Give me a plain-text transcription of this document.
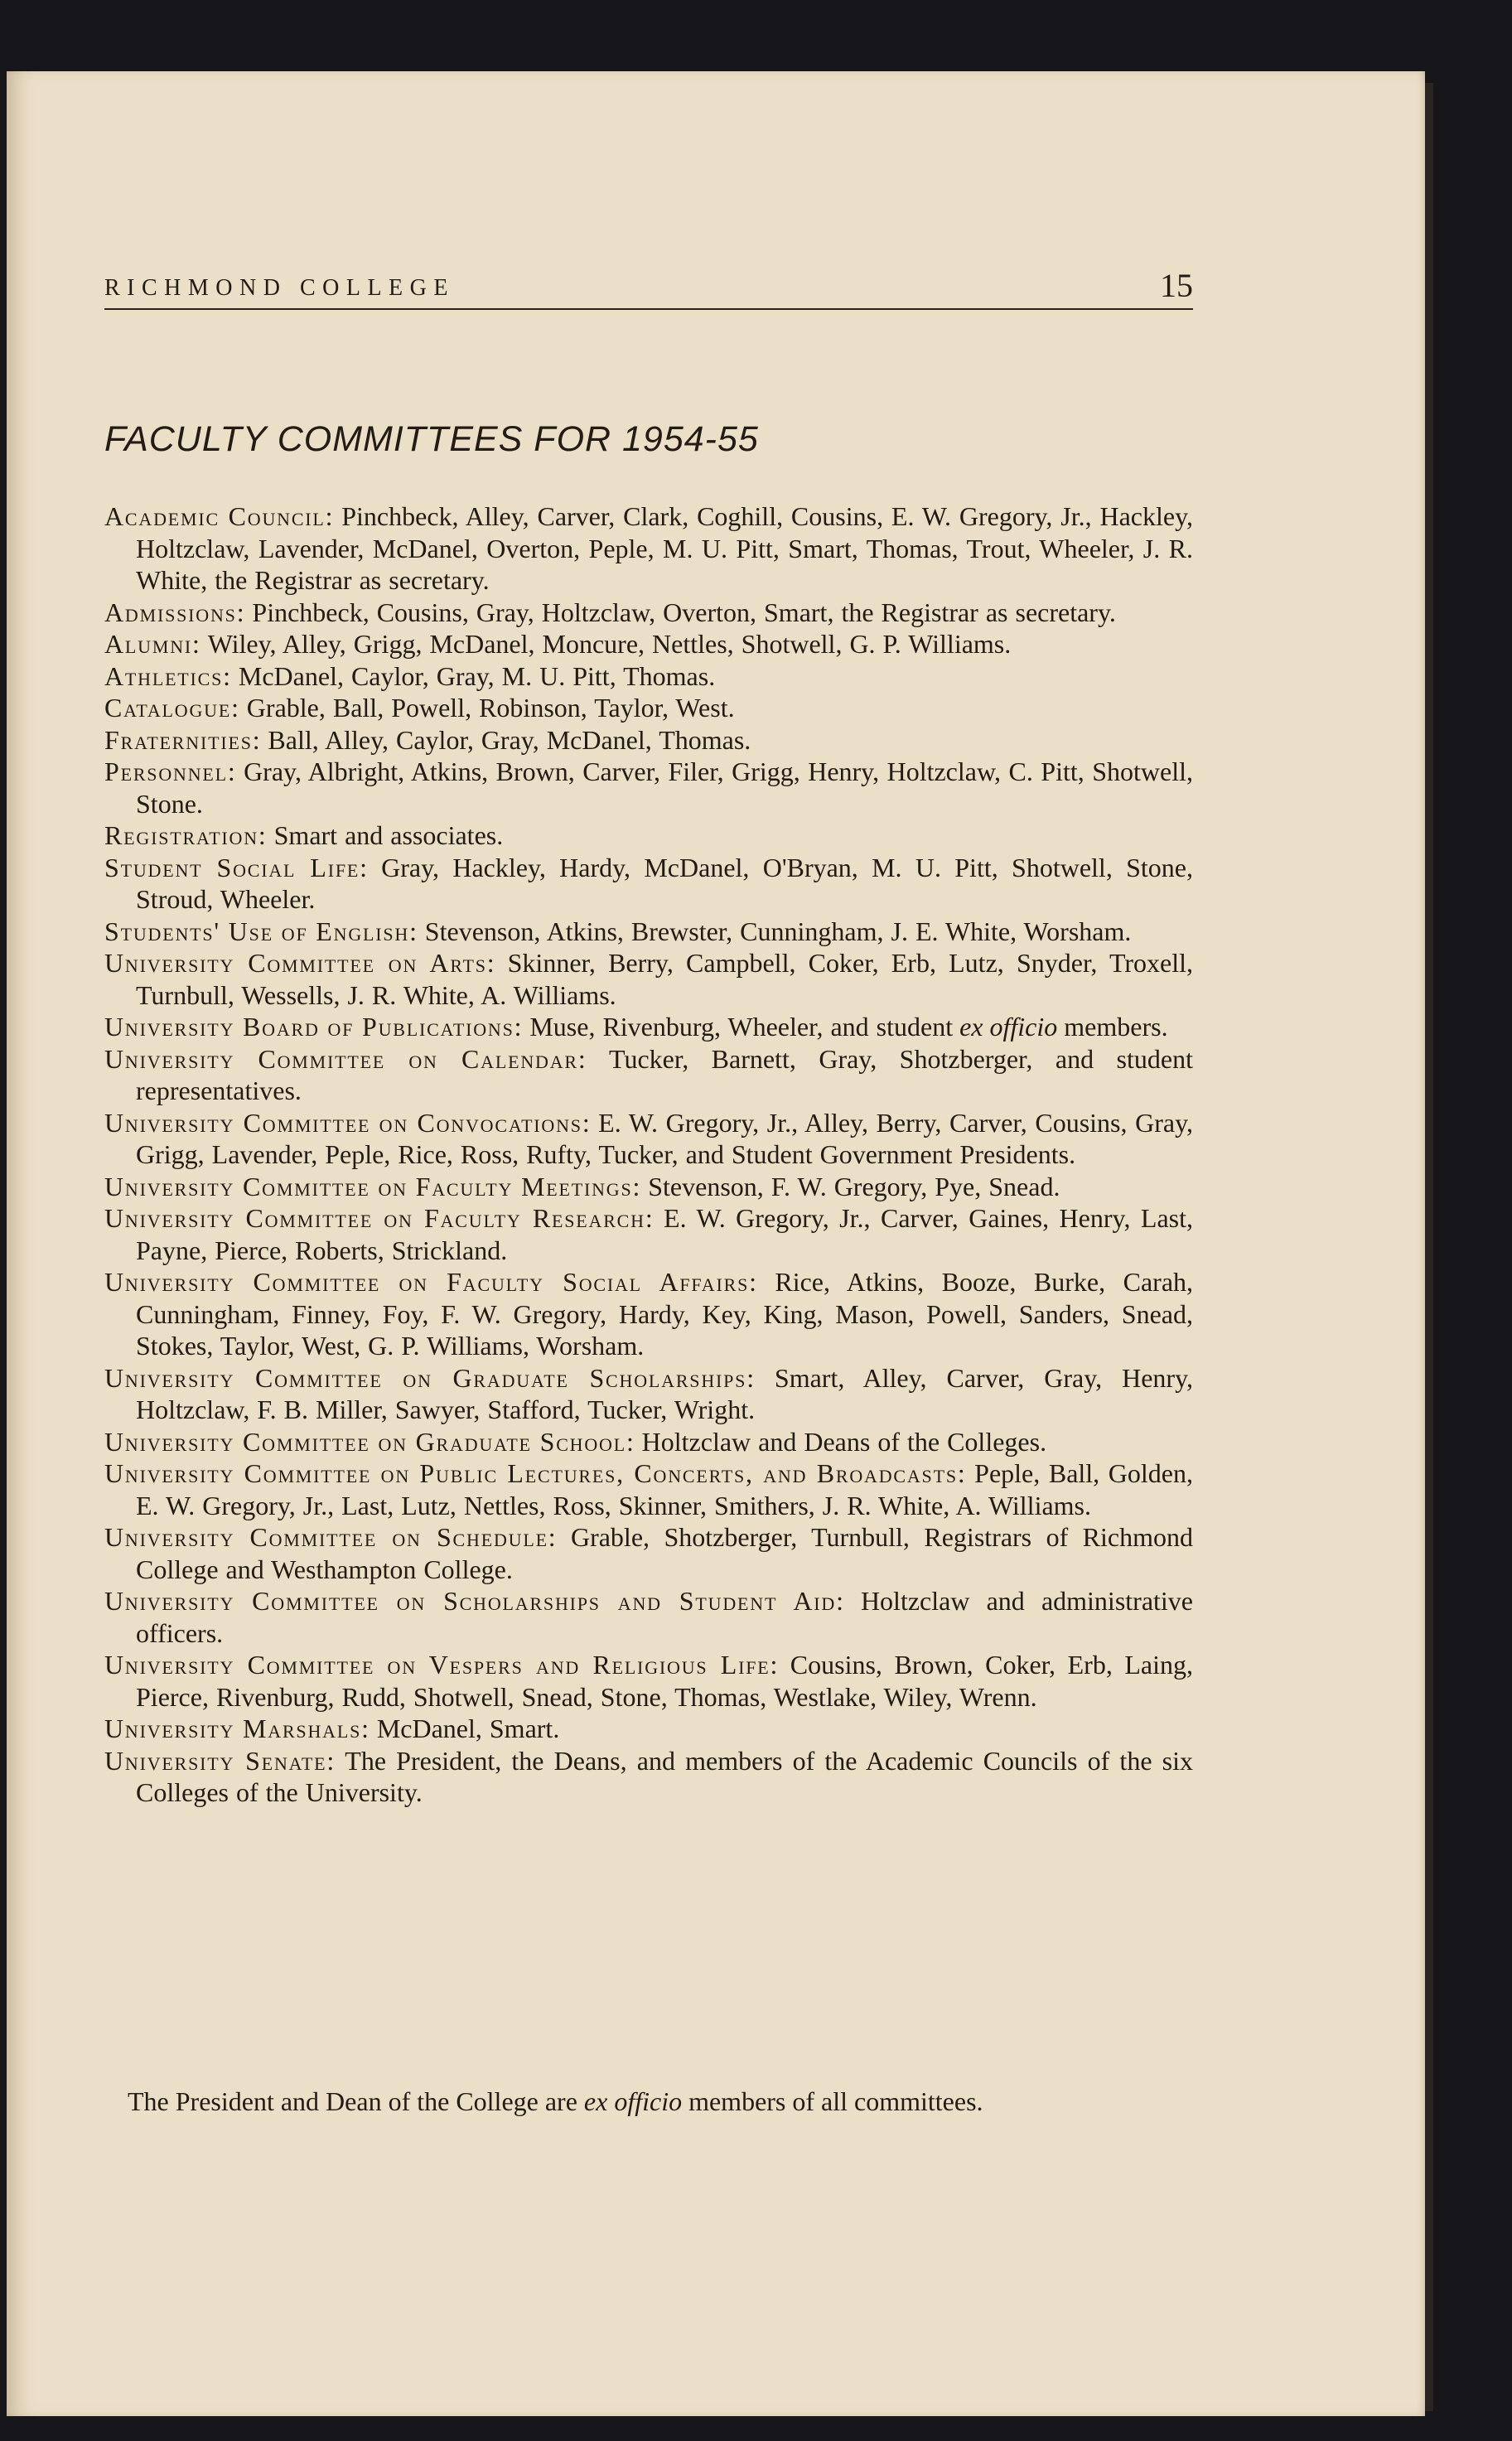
RICHMOND COLLEGE	15
FACULTY COMMITTEES FOR 1954-55
Academic Council: Pinchbeck, Alley, Carver, Clark, Coghill, Cousins, E. W. Gregory, Jr., Hackley, Holtzclaw, Lavender, McDanel, Overton, Peple, M. U. Pitt, Smart, Thomas, Trout, Wheeler, J. R. White, the Registrar as secretary.
Admissions: Pinchbeck, Cousins, Gray, Holtzclaw, Overton, Smart, the Registrar as secretary.
Alumni: Wiley, Alley, Grigg, McDanel, Moncure, Nettles, Shotwell, G. P. Williams.
Athletics: McDanel, Caylor, Gray, M. U. Pitt, Thomas.
Catalogue: Grable, Ball, Powell, Robinson, Taylor, West.
Fraternities: Ball, Alley, Caylor, Gray, McDanel, Thomas.
Personnel: Gray, Albright, Atkins, Brown, Carver, Filer, Grigg, Henry, Holtzclaw, C. Pitt, Shotwell, Stone.
Registration: Smart and associates.
Student Social Life: Gray, Hackley, Hardy, McDanel, O'Bryan, M. U. Pitt, Shotwell, Stone, Stroud, Wheeler.
Students' Use of English: Stevenson, Atkins, Brewster, Cunningham, J. E. White, Worsham.
University Committee on Arts: Skinner, Berry, Campbell, Coker, Erb, Lutz, Snyder, Troxell, Turnbull, Wessells, J. R. White, A. Williams.
University Board of Publications: Muse, Rivenburg, Wheeler, and student ex officio members.
University Committee on Calendar: Tucker, Barnett, Gray, Shotzberger, and student representatives.
University Committee on Convocations: E. W. Gregory, Jr., Alley, Berry, Carver, Cousins, Gray, Grigg, Lavender, Peple, Rice, Ross, Rufty, Tucker, and Student Government Presidents.
University Committee on Faculty Meetings: Stevenson, F. W. Gregory, Pye, Snead.
University Committee on Faculty Research: E. W. Gregory, Jr., Carver, Gaines, Henry, Last, Payne, Pierce, Roberts, Strickland.
University Committee on Faculty Social Affairs: Rice, Atkins, Booze, Burke, Carah, Cunningham, Finney, Foy, F. W. Gregory, Hardy, Key, King, Mason, Powell, Sanders, Snead, Stokes, Taylor, West, G. P. Williams, Worsham.
University Committee on Graduate Scholarships: Smart, Alley, Carver, Gray, Henry, Holtzclaw, F. B. Miller, Sawyer, Stafford, Tucker, Wright.
University Committee on Graduate School: Holtzclaw and Deans of the Colleges.
University Committee on Public Lectures, Concerts, and Broadcasts: Peple, Ball, Golden, E. W. Gregory, Jr., Last, Lutz, Nettles, Ross, Skinner, Smithers, J. R. White, A. Williams.
University Committee on Schedule: Grable, Shotzberger, Turnbull, Registrars of Richmond College and Westhampton College.
University Committee on Scholarships and Student Aid: Holtzclaw and administrative officers.
University Committee on Vespers and Religious Life: Cousins, Brown, Coker, Erb, Laing, Pierce, Rivenburg, Rudd, Shotwell, Snead, Stone, Thomas, Westlake, Wiley, Wrenn.
University Marshals: McDanel, Smart.
University Senate: The President, the Deans, and members of the Academic Councils of the six Colleges of the University.

The President and Dean of the College are ex officio members of all committees.
